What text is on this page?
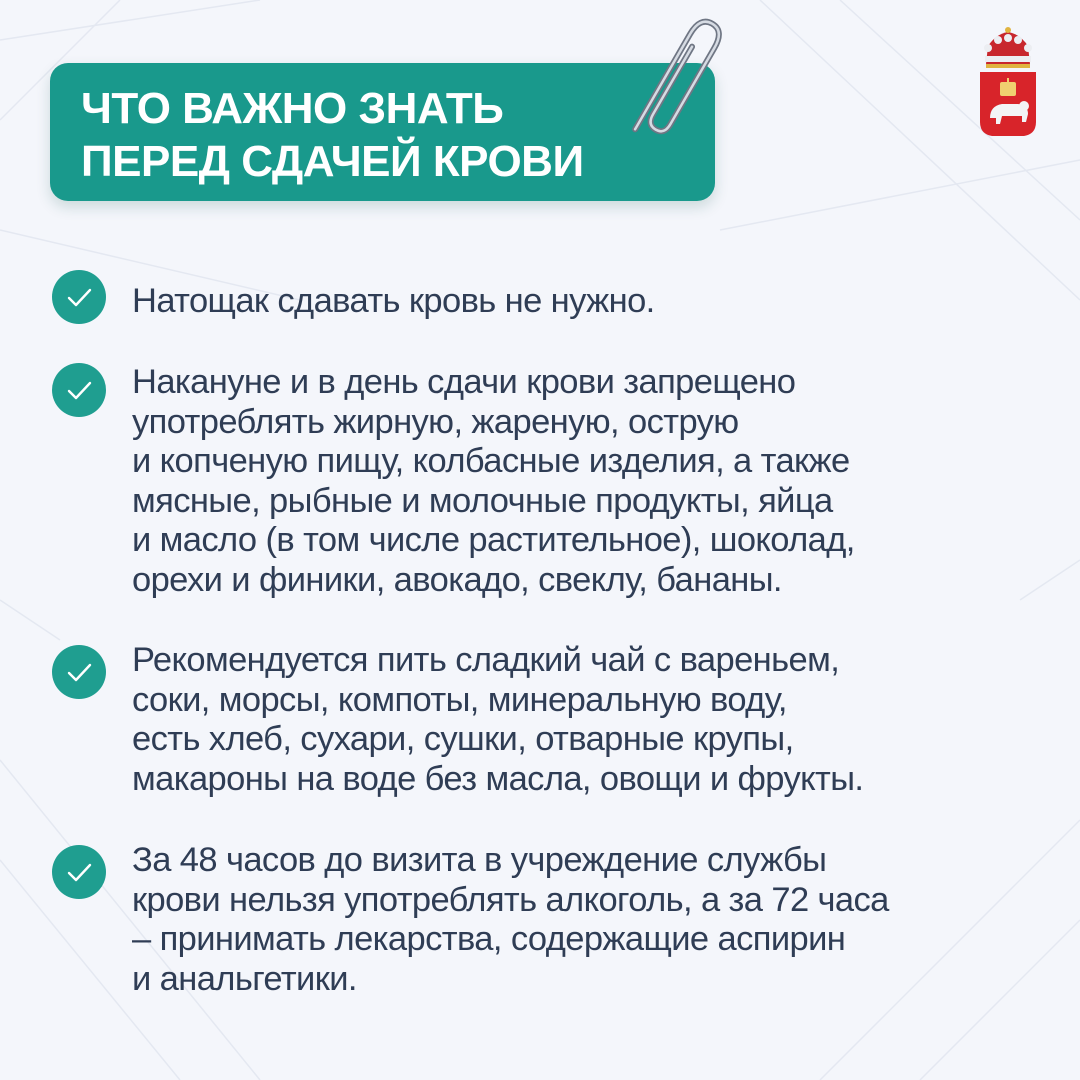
ЧТО ВАЖНО ЗНАТЬ
ПЕРЕД СДАЧЕЙ КРОВИ
Натощак сдавать кровь не нужно.
Накануне и в день сдачи крови запрещено
употреблять жирную, жареную, острую
и копченую пищу, колбасные изделия, а также
мясные, рыбные и молочные продукты, яйца
и масло (в том числе растительное), шоколад,
орехи и финики, авокадо, свеклу, бананы.
Рекомендуется пить сладкий чай с вареньем,
соки, морсы, компоты, минеральную воду,
есть хлеб, сухари, сушки, отварные крупы,
макароны на воде без масла, овощи и фрукты.
За 48 часов до визита в учреждение службы
крови нельзя употреблять алкоголь, а за 72 часа
– принимать лекарства, содержащие аспирин
и анальгетики.
